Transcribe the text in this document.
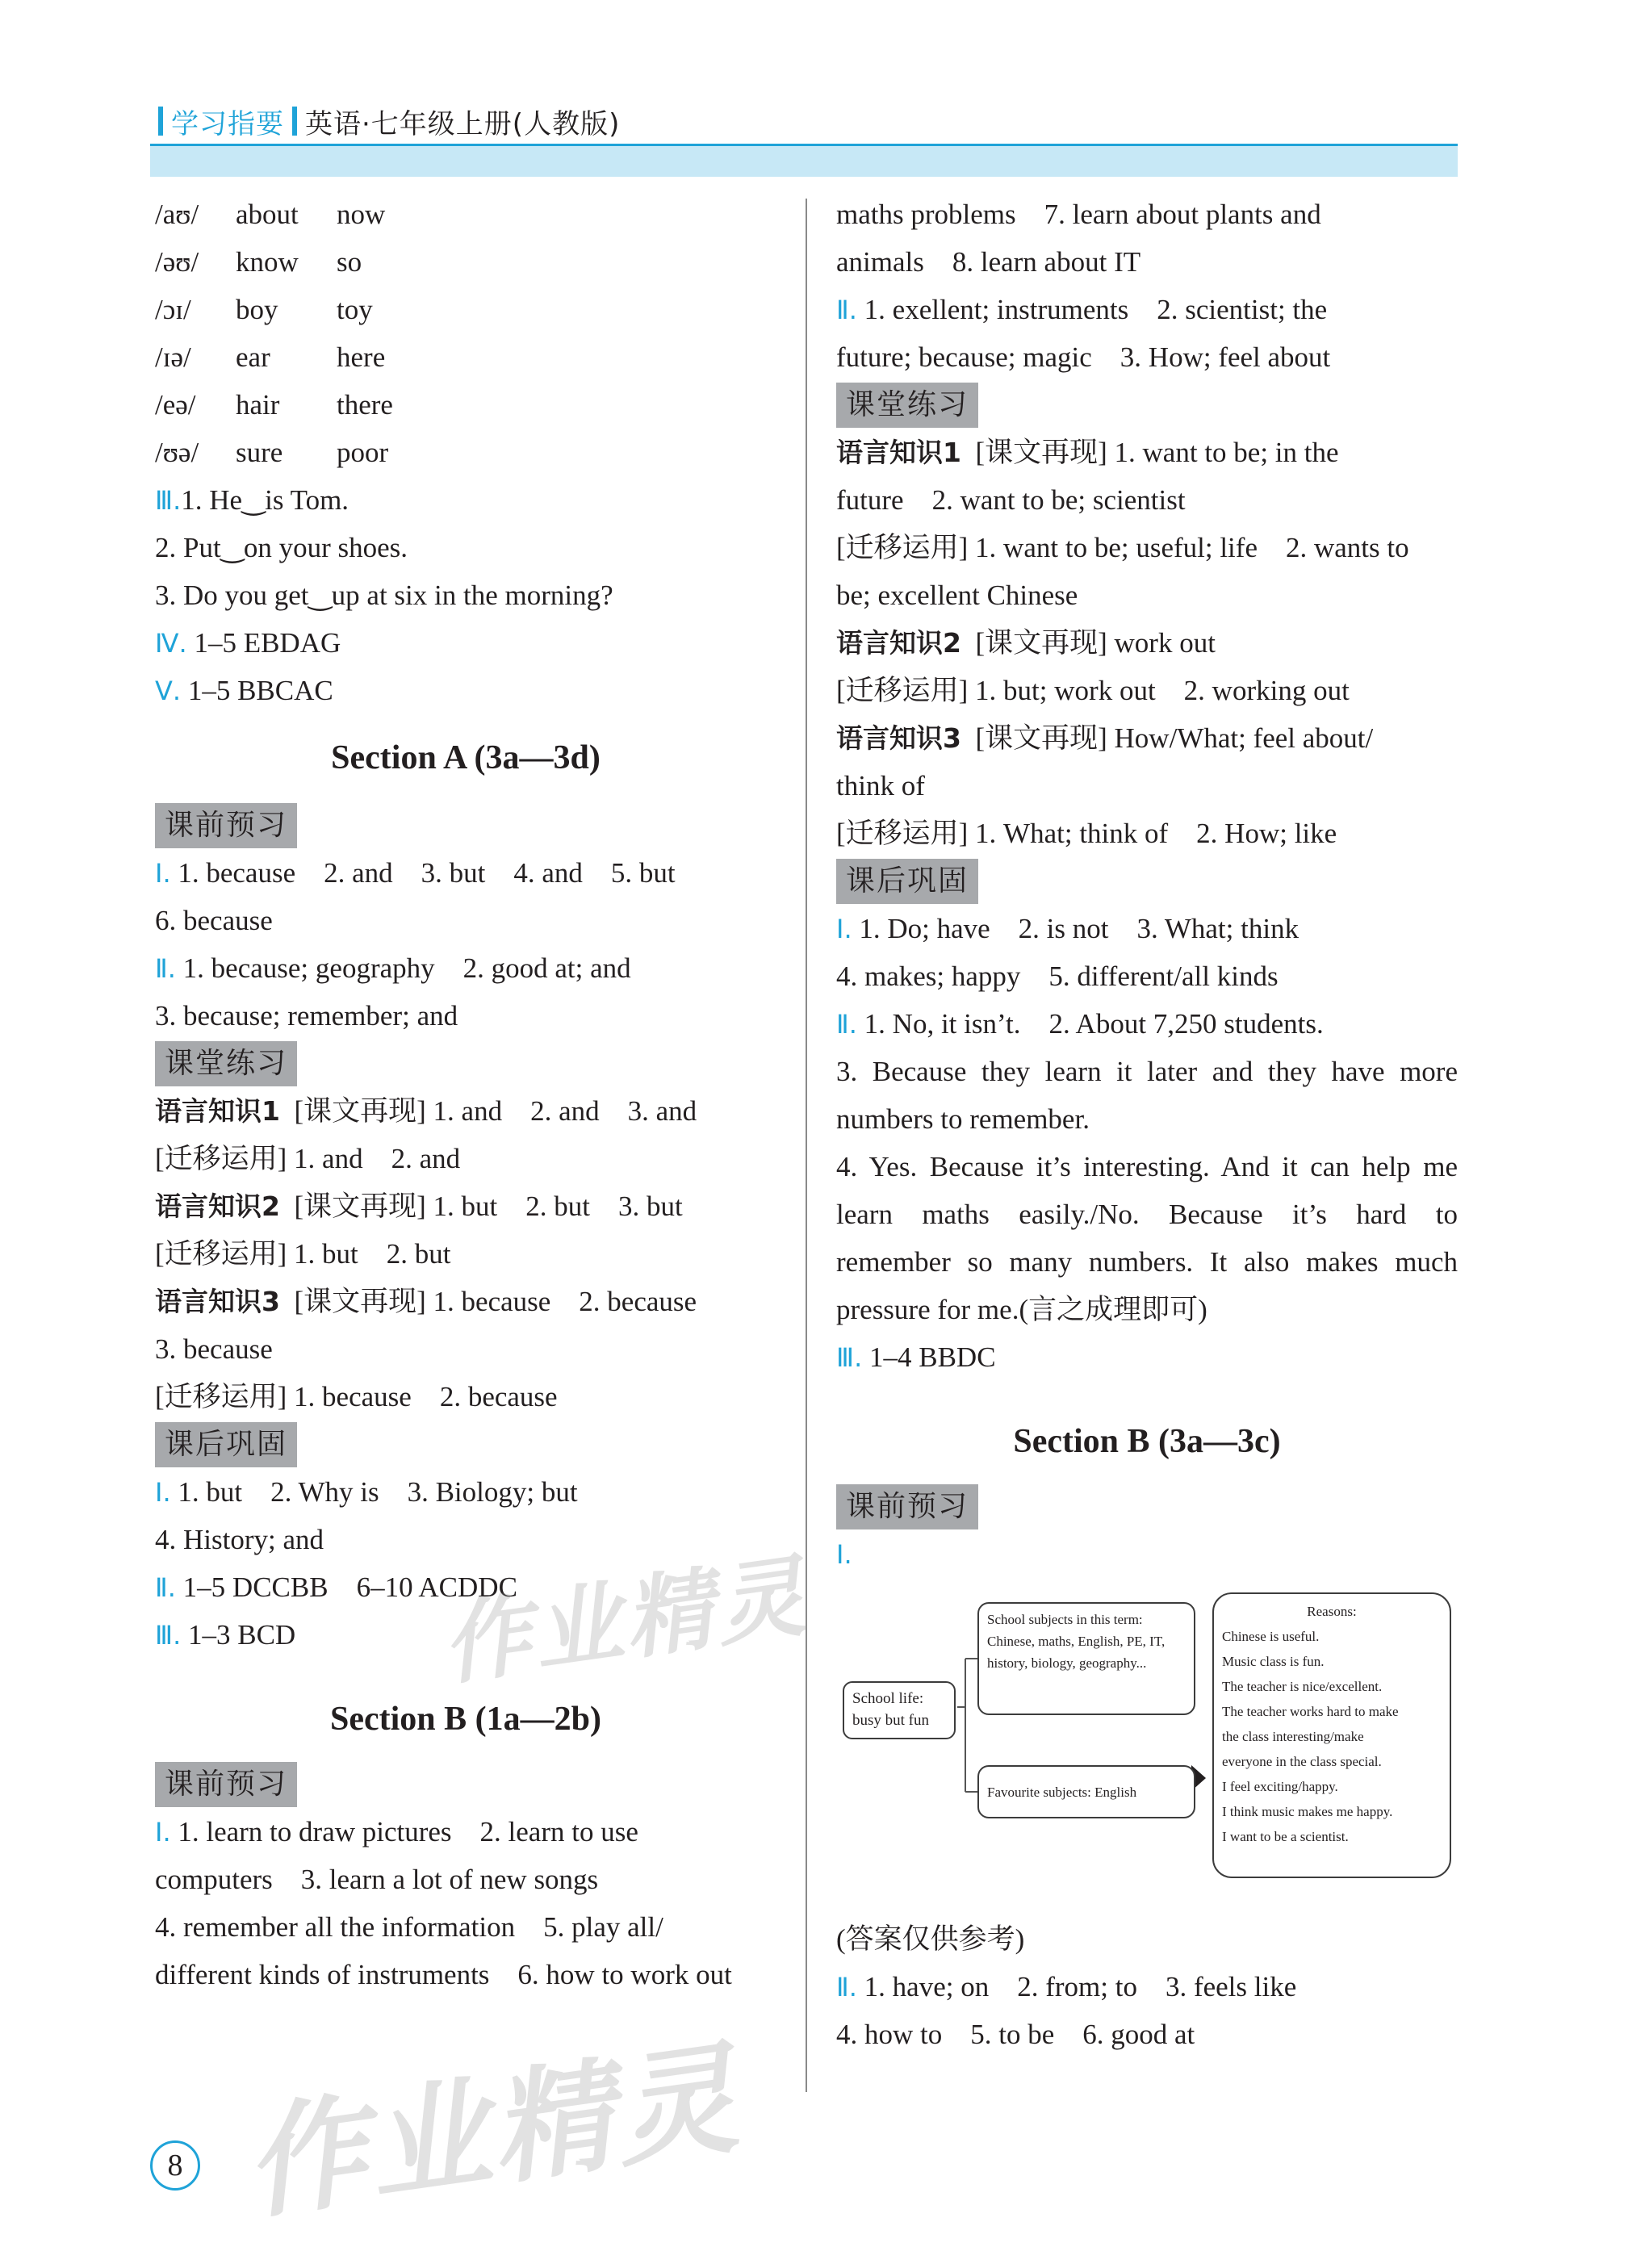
学习指要 英语·七年级上册(人教版)
/aʊ/ about now
/əʊ/ know so
/ɔɪ/ boy toy
/ɪə/ ear here
/eə/ hair there
/ʊə/ sure poor
Ⅲ.1. He‿is Tom.
2. Put‿on your shoes.
3. Do you get‿up at six in the morning?
Ⅳ. 1–5 EBDAG
Ⅴ. 1–5 BBCAC
Section A (3a—3d)
课前预习
Ⅰ. 1. because    2. and    3. but    4. and    5. but
6. because
Ⅱ. 1. because; geography    2. good at; and
3. because; remember; and
课堂练习
语言知识1  [课文再现] 1. and    2. and    3. and
[迁移运用] 1. and    2. and
语言知识2  [课文再现] 1. but    2. but    3. but
[迁移运用] 1. but    2. but
语言知识3  [课文再现] 1. because    2. because
3. because
[迁移运用] 1. because    2. because
课后巩固
Ⅰ. 1. but    2. Why is    3. Biology; but
4. History; and
Ⅱ. 1–5 DCCBB    6–10 ACDDC
Ⅲ. 1–3 BCD
Section B (1a—2b)
课前预习
Ⅰ. 1. learn to draw pictures    2. learn to use
computers    3. learn a lot of new songs
4. remember all the information    5. play all/
different kinds of instruments    6. how to work out
maths problems    7. learn about plants and
animals    8. learn about IT
Ⅱ. 1. exellent; instruments    2. scientist; the
future; because; magic    3. How; feel about
课堂练习
语言知识1  [课文再现] 1. want to be; in the
future    2. want to be; scientist
[迁移运用] 1. want to be; useful; life    2. wants to
be; excellent Chinese
语言知识2  [课文再现] work out
[迁移运用] 1. but; work out    2. working out
语言知识3  [课文再现] How/What; feel about/
think of
[迁移运用] 1. What; think of    2. How; like
课后巩固
Ⅰ. 1. Do; have    2. is not    3. What; think
4. makes; happy    5. different/all kinds
Ⅱ. 1. No, it isn’t.    2. About 7,250 students.
3. Because they learn it later and they have more
numbers to remember.
4. Yes. Because it’s interesting. And it can help me
learn maths easily./No. Because it’s hard to
remember so many numbers. It also makes much
pressure for me.(言之成理即可)
Ⅲ. 1–4 BBDC
Section B (3a—3c)
课前预习
Ⅰ.
School life: busy but fun
School subjects in this term: Chinese, maths, English, PE, IT, history, biology, geography...
Favourite subjects: English
Reasons:
Chinese is useful.
Music class is fun.
The teacher is nice/excellent.
The teacher works hard to make
the class interesting/make
everyone in the class special.
I feel exciting/happy.
I think music makes me happy.
I want to be a scientist.
(答案仅供参考)
Ⅱ. 1. have; on    2. from; to    3. feels like
4. how to    5. to be    6. good at
作业精灵
作业精灵
8
